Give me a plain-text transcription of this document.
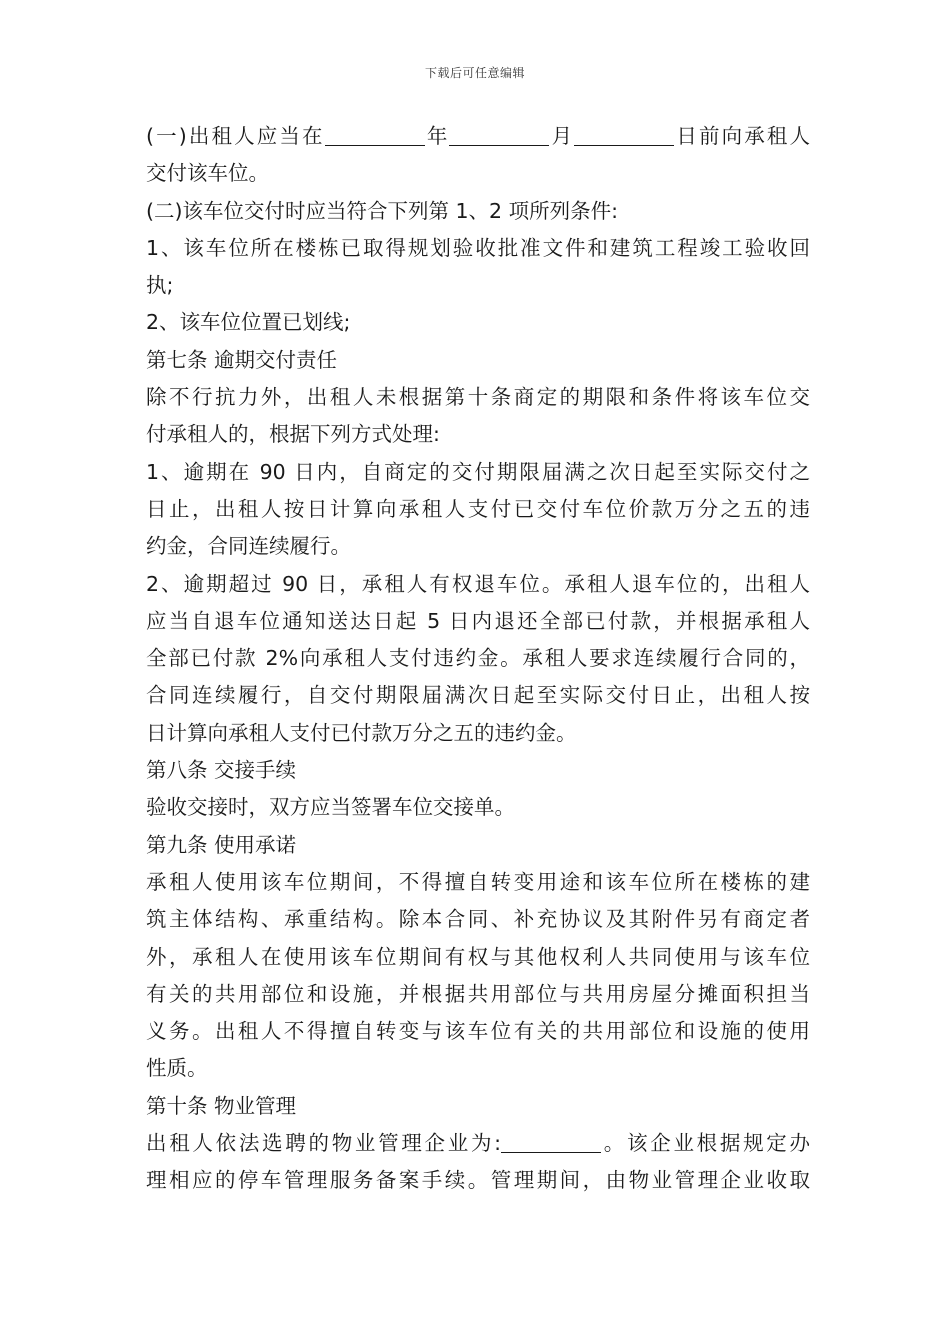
下载后可任意编辑
(一)出租人应当在	年	月	日前向承租人
交付该车位。
(二)该车位交付时应当符合下列第 1、2 项所列条件:
1、该车位所在楼栋已取得规划验收批准文件和建筑工程竣工验收回
执;
2、该车位位置已划线;
第七条 逾期交付责任
除不行抗力外，出租人未根据第十条商定的期限和条件将该车位交
付承租人的，根据下列方式处理:
1、逾期在 90 日内，自商定的交付期限届满之次日起至实际交付之
日止，出租人按日计算向承租人支付已交付车位价款万分之五的违
约金，合同连续履行。
2、逾期超过 90 日，承租人有权退车位。承租人退车位的，出租人
应当自退车位通知送达日起 5 日内退还全部已付款，并根据承租人
全部已付款 2%向承租人支付违约金。承租人要求连续履行合同的，
合同连续履行，自交付期限届满次日起至实际交付日止，出租人按
日计算向承租人支付已付款万分之五的违约金。
第八条 交接手续
验收交接时，双方应当签署车位交接单。
第九条 使用承诺
承租人使用该车位期间，不得擅自转变用途和该车位所在楼栋的建
筑主体结构、承重结构。除本合同、补充协议及其附件另有商定者
外，承租人在使用该车位期间有权与其他权利人共同使用与该车位
有关的共用部位和设施，并根据共用部位与共用房屋分摊面积担当
义务。出租人不得擅自转变与该车位有关的共用部位和设施的使用
性质。
第十条 物业管理
出租人依法选聘的物业管理企业为:	。该企业根据规定办
理相应的停车管理服务备案手续。管理期间，由物业管理企业收取
